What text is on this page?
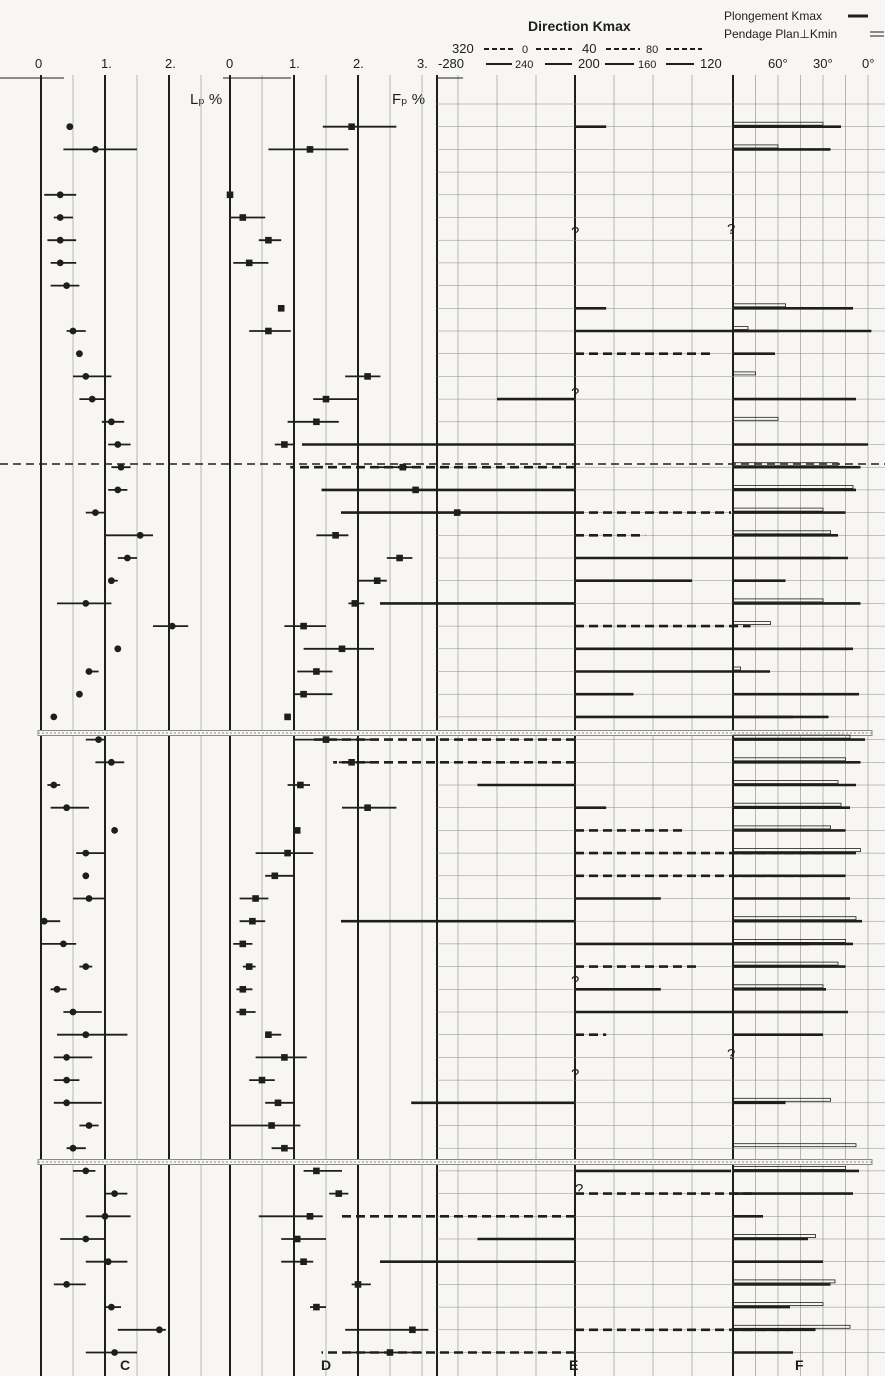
Direction Kmax
320	0	40	80
Plongement Kmax
Pendage Plan⊥Kmin
0	1.	2.	0	1.	2.	3. -280	240	200	160	120	60° 30° 0°
Lₚ %	Fₚ %
?	?
?
?
?
?
?
C	D	E	F
